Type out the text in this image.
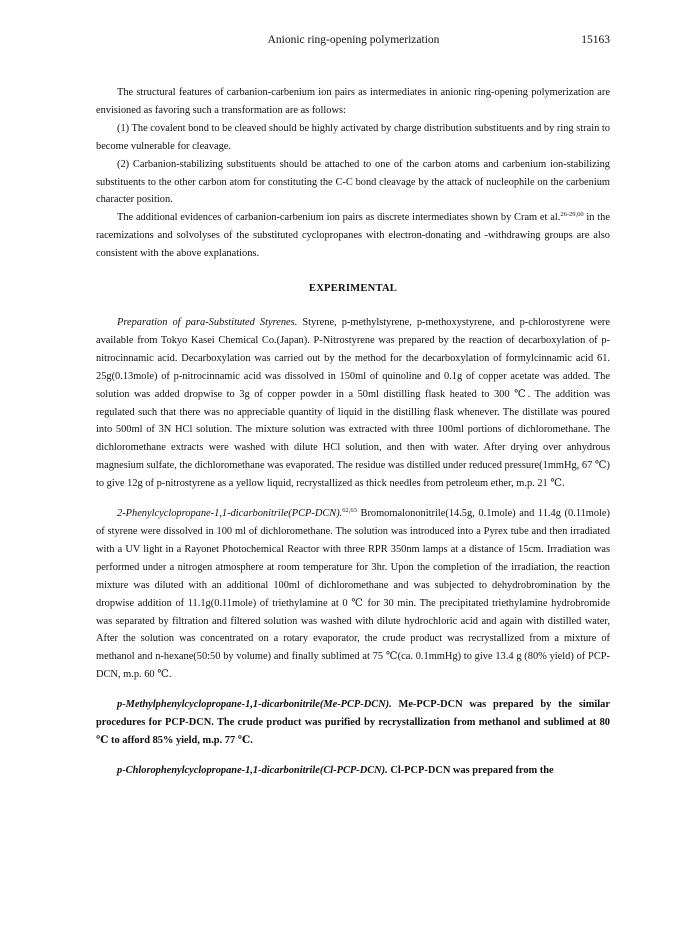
Anionic ring-opening polymerization	15163

The structural features of carbanion-carbenium ion pairs as intermediates in anionic ring-opening polymerization are envisioned as favoring such a transformation are as follows:

(1) The covalent bond to be cleaved should be highly activated by charge distribution substituents and by ring strain to become vulnerable for cleavage.

(2) Carbanion-stabilizing substituents should be attached to one of the carbon atoms and carbenium ion-stabilizing substituents to the other carbon atom for constituting the C-C bond cleavage by the attack of nucleophile on the carbenium character position.

The additional evidences of carbanion-carbenium ion pairs as discrete intermediates shown by Cram et al.$^{26-29,60}$ in the racemizations and solvolyses of the substituted cyclopropanes with electron-donating and -withdrawing groups are also consistent with the above explanations.

EXPERIMENTAL

Preparation of para-Substituted Styrenes. Styrene, p-methylstyrene, p-methoxystyrene, and p-chlorostyrene were available from Tokyo Kasei Chemical Co.(Japan). P-Nitrostyrene was prepared by the reaction of decarboxylation of p-nitrocinnamic acid. Decarboxylation was carried out by the method for the decarboxylation of formylcinnamic acid 61. 25g(0.13mole) of p-nitrocinnamic acid was dissolved in 150ml of quinoline and 0.1g of copper acetate was added. The solution was added dropwise to 3g of copper powder in a 50ml distilling flask heated to 300 ℃. The addition was regulated such that there was no appreciable quantity of liquid in the distilling flask whenever. The distillate was poured into 500ml of 3N HCl solution. The mixture solution was extracted with three 100ml portions of dichloromethane. The dichloromethane extracts were washed with dilute HCl solution, and then with water. After drying over anhydrous magnesium sulfate, the dichloromethane was evaporated. The residue was distilled under reduced pressure(1mmHg, 67 ℃) to give 12g of p-nitrostyrene as a yellow liquid, recrystallized as thick needles from petroleum ether, m.p. 21 ℃.

2-Phenylcyclopropane-1,1-dicarbonitrile(PCP-DCN).$^{62,63}$ Bromomalononitrile(14.5g, 0.1mole) and 11.4g (0.11mole) of styrene were dissolved in 100 ml of dichloromethane. The solution was introduced into a Pyrex tube and then irradiated with a UV light in a Rayonet Photochemical Reactor with three RPR 350nm lamps at a distance of 15cm. Irradiation was performed under a nitrogen atmosphere at room temperature for 3hr. Upon the completion of the irradiation, the reaction mixture was diluted with an additional 100ml of dichloromethane and was subjected to dehydrobromination by the dropwise addition of 11.1g(0.11mole) of triethylamine at 0 ℃ for 30 min. The precipitated triethylamine hydrobromide was separated by filtration and filtered solution was washed with dilute hydrochloric acid and again with distilled water, After the solution was concentrated on a rotary evaporator, the crude product was recrystallized from a mixture of methanol and n-hexane(50:50 by volume) and finally sublimed at 75 ℃(ca. 0.1mmHg) to give 13.4 g (80% yield) of PCP-DCN, m.p. 60 ℃.

p-Methylphenylcyclopropane-1,1-dicarbonitrile(Me-PCP-DCN). Me-PCP-DCN was prepared by the similar procedures for PCP-DCN. The crude product was purified by recrystallization from methanol and sublimed at 80 ℃ to afford 85% yield, m.p. 77 ℃.

p-Chlorophenylcyclopropane-1,1-dicarbonitrile(Cl-PCP-DCN). Cl-PCP-DCN was prepared from the
